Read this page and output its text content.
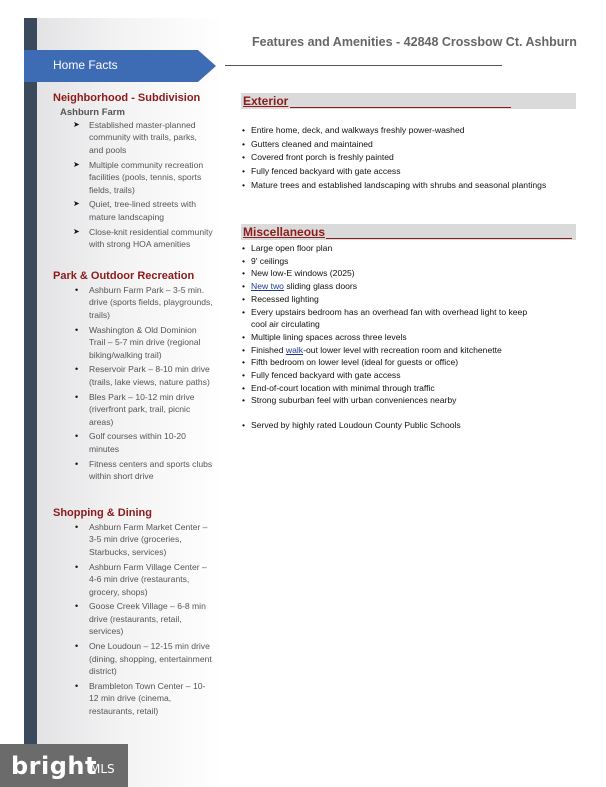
Home Facts
Features and Amenities - 42848 Crossbow Ct. Ashburn
Neighborhood - Subdivision
Ashburn Farm
➤ Established master-planned community with trails, parks, and pools
➤ Multiple community recreation facilities (pools, tennis, sports fields, trails)
➤ Quiet, tree-lined streets with mature landscaping
➤ Close-knit residential community with strong HOA amenities
Park & Outdoor Recreation
• Ashburn Farm Park – 3-5 min. drive (sports fields, playgrounds, trails)
• Washington & Old Dominion Trail – 5-7 min drive (regional biking/walking trail)
• Reservoir Park – 8-10 min drive (trails, lake views, nature paths)
• Bles Park – 10-12 min drive (riverfront park, trail, picnic areas)
• Golf courses within 10-20 minutes
• Fitness centers and sports clubs within short drive
Shopping & Dining
• Ashburn Farm Market Center – 3-5 min drive (groceries, Starbucks, services)
• Ashburn Farm Village Center – 4-6 min drive (restaurants, grocery, shops)
• Goose Creek Village – 6-8 min drive (restaurants, retail, services)
• One Loudoun – 12-15 min drive (dining, shopping, entertainment district)
• Brambleton Town Center – 10-12 min drive (cinema, restaurants, retail)
Exterior
• Entire home, deck, and walkways freshly power-washed
• Gutters cleaned and maintained
• Covered front porch is freshly painted
• Fully fenced backyard with gate access
• Mature trees and established landscaping with shrubs and seasonal plantings
Miscellaneous
• Large open floor plan
• 9' ceilings
• New low-E windows (2025)
• New two sliding glass doors
• Recessed lighting
• Every upstairs bedroom has an overhead fan with overhead light to keep
cool air circulating
• Multiple lining spaces across three levels
• Finished walk-out lower level with recreation room and kitchenette
• Fifth bedroom on lower level (ideal for guests or office)
• Fully fenced backyard with gate access
• End-of-court location with minimal through traffic
• Strong suburban feel with urban conveniences nearby
• Served by highly rated Loudoun County Public Schools
bright
MLS
